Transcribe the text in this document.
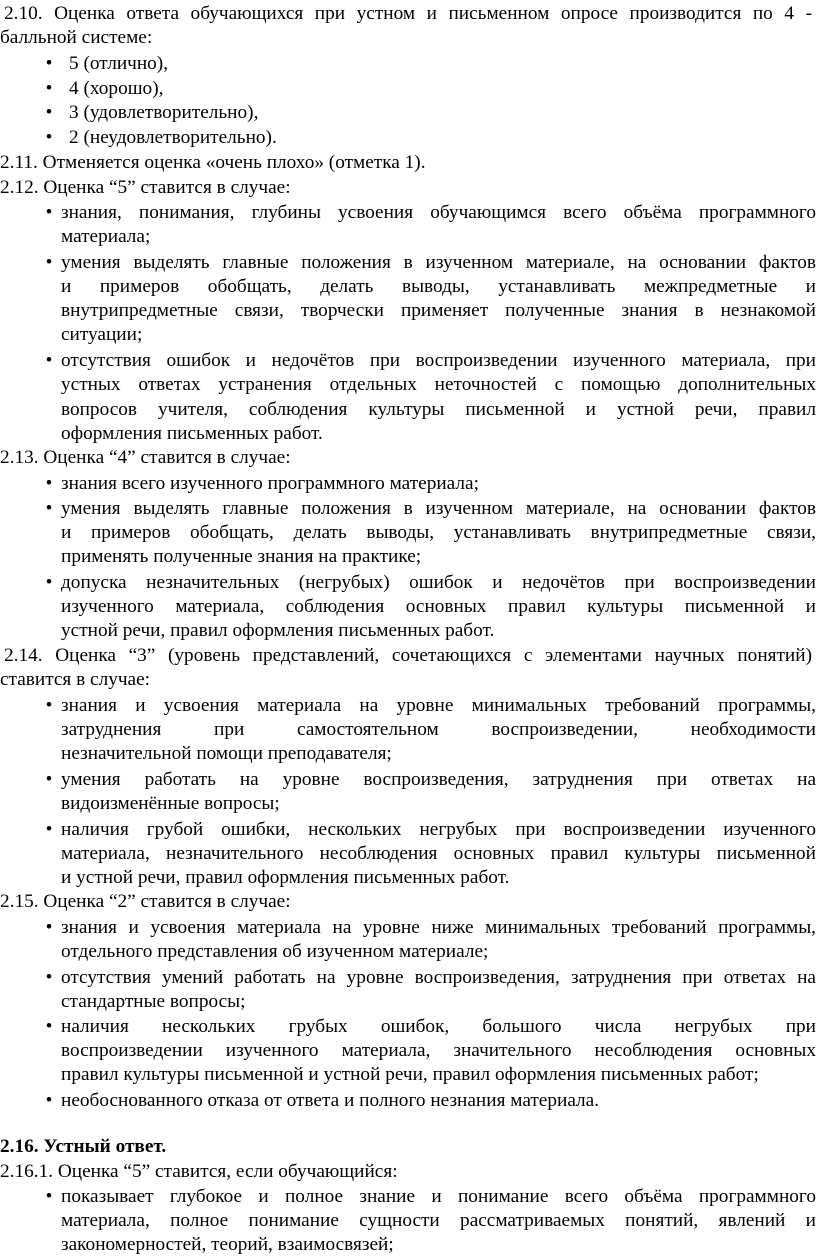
2.10. Оценка ответа обучающихся при устном и письменном опросе производится по 4 -
балльной системе:
• 5 (отлично),
• 4 (хорошо),
• 3 (удовлетворительно),
• 2 (неудовлетворительно).
2.11. Отменяется оценка «очень плохо» (отметка 1).
2.12. Оценка “5” ставится в случае:
• знания, понимания, глубины усвоения обучающимся всего объёма программного
материала;
• умения выделять главные положения в изученном материале, на основании фактов
и примеров обобщать, делать выводы, устанавливать межпредметные и
внутрипредметные связи, творчески применяет полученные знания в незнакомой
ситуации;
• отсутствия ошибок и недочётов при воспроизведении изученного материала, при
устных ответах устранения отдельных неточностей с помощью дополнительных
вопросов учителя, соблюдения культуры письменной и устной речи, правил
оформления письменных работ.
2.13. Оценка “4” ставится в случае:
• знания всего изученного программного материала;
• умения выделять главные положения в изученном материале, на основании фактов
и примеров обобщать, делать выводы, устанавливать внутрипредметные связи,
применять полученные знания на практике;
• допуска незначительных (негрубых) ошибок и недочётов при воспроизведении
изученного материала, соблюдения основных правил культуры письменной и
устной речи, правил оформления письменных работ.
2.14. Оценка “3” (уровень представлений, сочетающихся с элементами научных понятий)
ставится в случае:
• знания и усвоения материала на уровне минимальных требований программы,
затруднения при самостоятельном воспроизведении, необходимости
незначительной помощи преподавателя;
• умения работать на уровне воспроизведения, затруднения при ответах на
видоизменённые вопросы;
• наличия грубой ошибки, нескольких негрубых при воспроизведении изученного
материала, незначительного несоблюдения основных правил культуры письменной
и устной речи, правил оформления письменных работ.
2.15. Оценка “2” ставится в случае:
• знания и усвоения материала на уровне ниже минимальных требований программы,
отдельного представления об изученном материале;
• отсутствия умений работать на уровне воспроизведения, затруднения при ответах на
стандартные вопросы;
• наличия нескольких грубых ошибок, большого числа негрубых при
воспроизведении изученного материала, значительного несоблюдения основных
правил культуры письменной и устной речи, правил оформления письменных работ;
• необоснованного отказа от ответа и полного незнания материала.
2.16. Устный ответ.
2.16.1. Оценка “5” ставится, если обучающийся:
• показывает глубокое и полное знание и понимание всего объёма программного
материала, полное понимание сущности рассматриваемых понятий, явлений и
закономерностей, теорий, взаимосвязей;
